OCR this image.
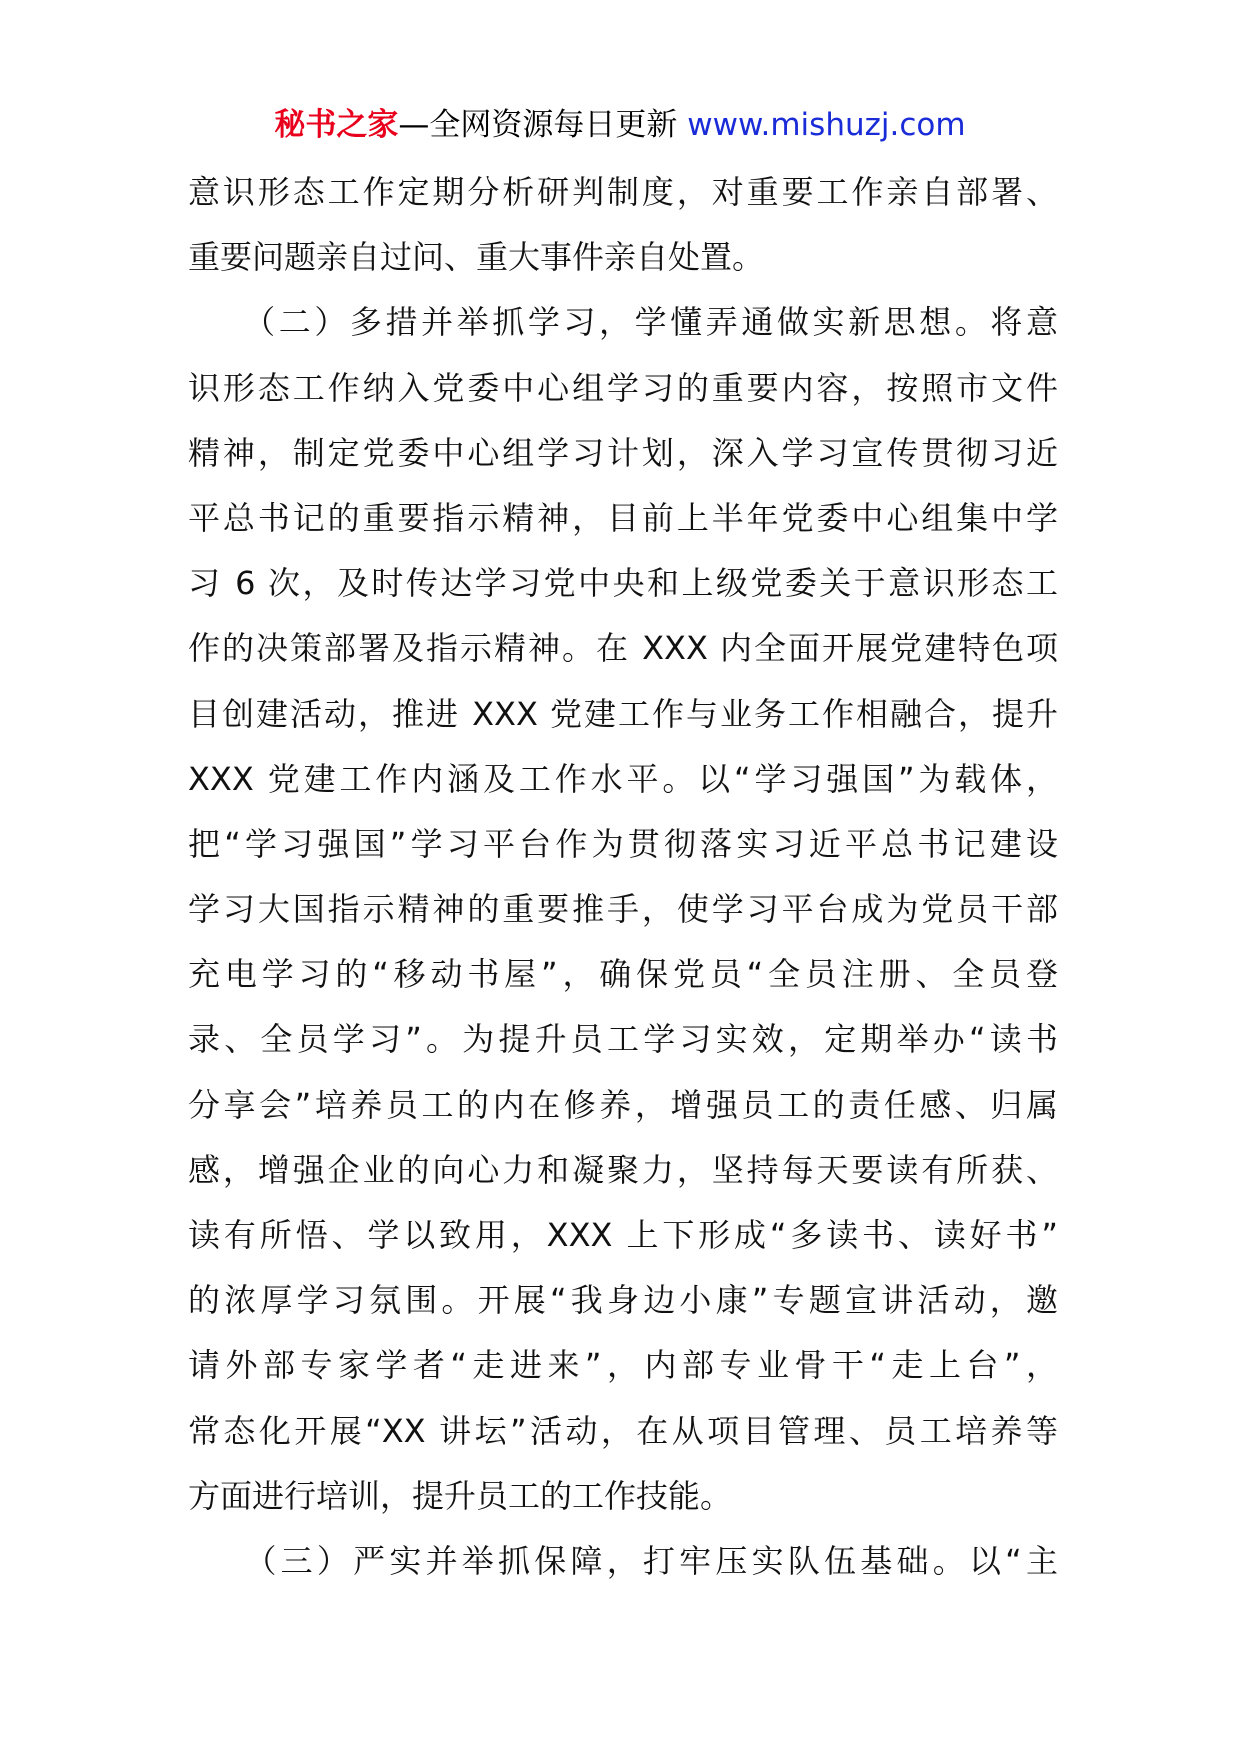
秘书之家—全网资源每日更新 www.mishuzj.com
意识形态工作定期分析研判制度，对重要工作亲自部署、
重要问题亲自过问、重大事件亲自处置。
　　（二）多措并举抓学习，学懂弄通做实新思想。将意
识形态工作纳入党委中心组学习的重要内容，按照市文件
精神，制定党委中心组学习计划，深入学习宣传贯彻习近
平总书记的重要指示精神，目前上半年党委中心组集中学
习 6 次，及时传达学习党中央和上级党委关于意识形态工
作的决策部署及指示精神。在 XXX 内全面开展党建特色项
目创建活动，推进 XXX 党建工作与业务工作相融合，提升
XXX 党建工作内涵及工作水平。以“学习强国”为载体，
把“学习强国”学习平台作为贯彻落实习近平总书记建设
学习大国指示精神的重要推手，使学习平台成为党员干部
充电学习的“移动书屋”，确保党员“全员注册、全员登
录、全员学习”。为提升员工学习实效，定期举办“读书
分享会”培养员工的内在修养，增强员工的责任感、归属
感，增强企业的向心力和凝聚力，坚持每天要读有所获、
读有所悟、学以致用，XXX 上下形成“多读书、读好书”
的浓厚学习氛围。开展“我身边小康”专题宣讲活动，邀
请外部专家学者“走进来”，内部专业骨干“走上台”，
常态化开展“XX 讲坛”活动，在从项目管理、员工培养等
方面进行培训，提升员工的工作技能。
　　（三）严实并举抓保障，打牢压实队伍基础。以“主
